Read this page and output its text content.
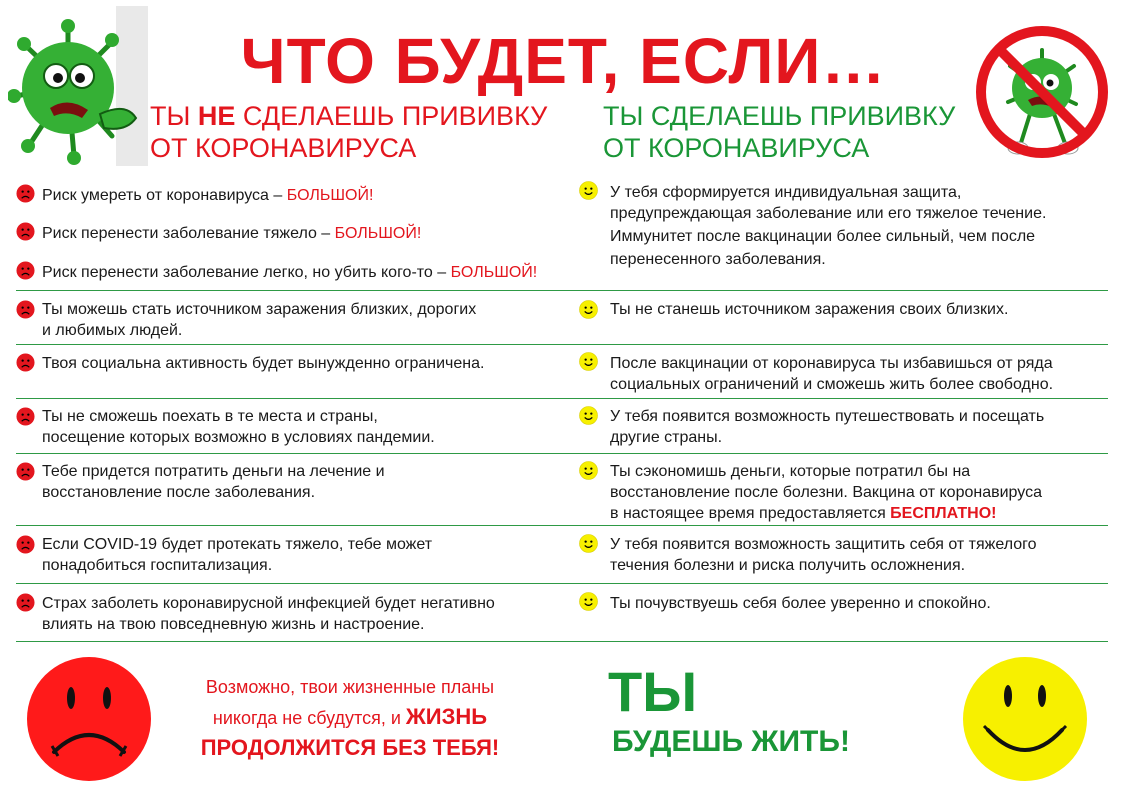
ЧТО БУДЕТ, ЕСЛИ…
ТЫ НЕ СДЕЛАЕШЬ ПРИВИВКУ
ОТ КОРОНАВИРУСА
ТЫ СДЕЛАЕШЬ ПРИВИВКУ
ОТ КОРОНАВИРУСА
Риск умереть от коронавируса – БОЛЬШОЙ!
Риск перенести заболевание тяжело – БОЛЬШОЙ!
Риск перенести заболевание легко, но убить кого-то – БОЛЬШОЙ!
У тебя сформируется индивидуальная защита,
предупреждающая заболевание или его тяжелое течение.
Иммунитет после вакцинации более сильный, чем после
перенесенного заболевания.
Ты можешь стать источником заражения близких, дорогих
и любимых людей.
Ты не станешь источником заражения своих близких.
Твоя социальна активность будет вынужденно ограничена.	После вакцинации от коронавируса ты избавишься от ряда
социальных ограничений и сможешь жить более свободно.
Ты не сможешь поехать в те места и страны,
посещение которых возможно в условиях пандемии.
У тебя появится возможность путешествовать и посещать
другие страны.
Тебе придется потратить деньги на лечение и
восстановление после заболевания.
Ты сэкономишь деньги, которые потратил бы на
восстановление после болезни. Вакцина от коронавируса
в настоящее время предоставляется БЕСПЛАТНО!
Если COVID-19 будет протекать тяжело, тебе может
понадобиться госпитализация.
У тебя появится возможность защитить себя от тяжелого
течения болезни и риска получить осложнения.
Страх заболеть коронавирусной инфекцией будет негативно
влиять на твою повседневную жизнь и настроение.
Ты почувствуешь себя более уверенно и спокойно.
Возможно, твои жизненные планы
никогда не сбудутся, и ЖИЗНЬ
ПРОДОЛЖИТСЯ БЕЗ ТЕБЯ!
ТЫ
БУДЕШЬ ЖИТЬ!
